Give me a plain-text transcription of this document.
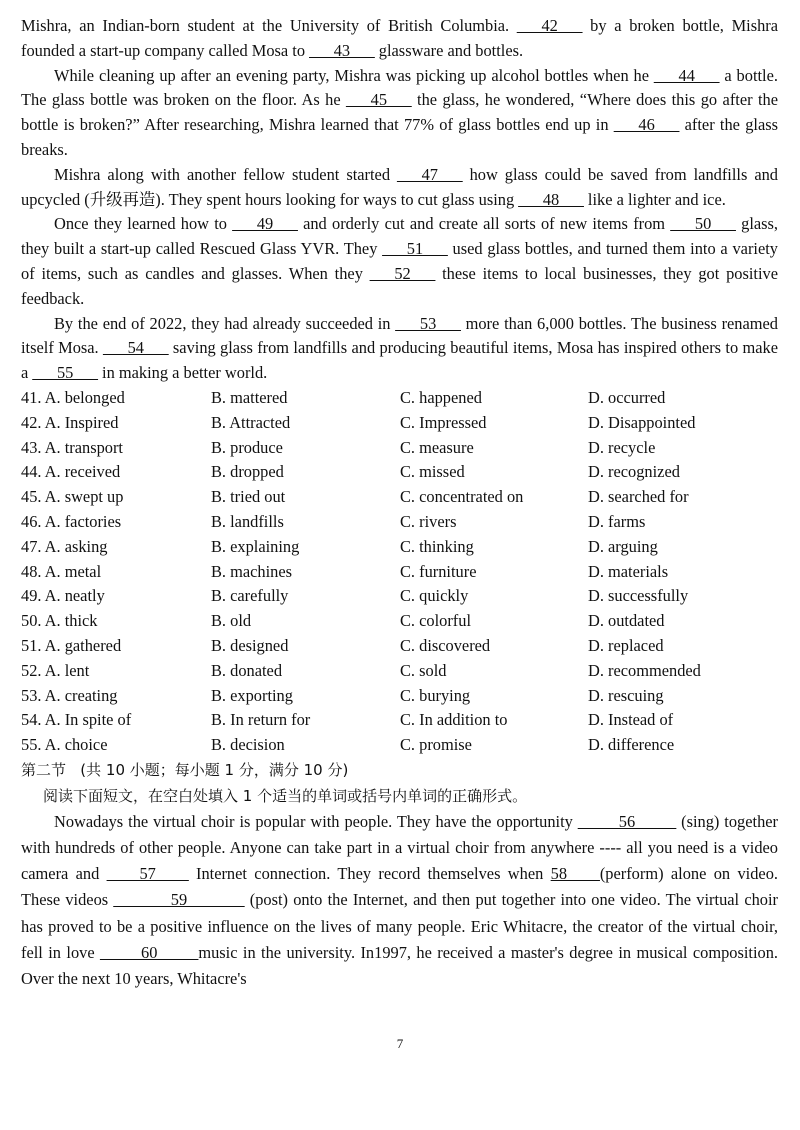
Mishra, an Indian-born student at the University of British Columbia. ___42___ by a broken bottle, Mishra founded a start-up company called Mosa to ___43___ glassware and bottles.

While cleaning up after an evening party, Mishra was picking up alcohol bottles when he ___44___ a bottle. The glass bottle was broken on the floor. As he ___45___ the glass, he wondered, “Where does this go after the bottle is broken?” After researching, Mishra learned that 77% of glass bottles end up in ___46___ after the glass breaks.

Mishra along with another fellow student started ___47___ how glass could be saved from landfills and upcycled (升级再造). They spent hours looking for ways to cut glass using ___48___ like a lighter and ice.

Once they learned how to ___49___ and orderly cut and create all sorts of new items from ___50___ glass, they built a start-up called Rescued Glass YVR. They ___51___ used glass bottles, and turned them into a variety of items, such as candles and glasses. When they ___52___ these items to local businesses, they got positive feedback.

By the end of 2022, they had already succeeded in ___53___ more than 6,000 bottles. The business renamed itself Mosa. ___54___ saving glass from landfills and producing beautiful items, Mosa has inspired others to make a ___55___ in making a better world.

41. A. belonged	B. mattered	C. happened	D. occurred
42. A. Inspired	B. Attracted	C. Impressed	D. Disappointed
43. A. transport	B. produce	C. measure	D. recycle
44. A. received	B. dropped	C. missed	D. recognized
45. A. swept up	B. tried out	C. concentrated on	D. searched for
46. A. factories	B. landfills	C. rivers	D. farms
47. A. asking	B. explaining	C. thinking	D. arguing
48. A. metal	B. machines	C. furniture	D. materials
49. A. neatly	B. carefully	C. quickly	D. successfully
50. A. thick	B. old	C. colorful	D. outdated
51. A. gathered	B. designed	C. discovered	D. replaced
52. A. lent	B. donated	C. sold	D. recommended
53. A. creating	B. exporting	C. burying	D. rescuing
54. A. In spite of	B. In return for	C. In addition to	D. Instead of
55. A. choice	B. decision	C. promise	D. difference
第二节   (共 10 小题；每小题 1 分，满分 10 分)
阅读下面短文，在空白处填入 1 个适当的单词或括号内单词的正确形式。

Nowadays the virtual choir is popular with people. They have the opportunity _____56_____ (sing) together with hundreds of other people. Anyone can take part in a virtual choir from anywhere ---- all you need is a video camera and ____57____ Internet connection. They record themselves when 58____(perform) alone on video. These videos _______59_______ (post) onto the Internet, and then put together into one video. The virtual choir has proved to be a positive influence on the lives of many people. Eric Whitacre, the creator of the virtual choir, fell in love _____60_____music in the university. In1997, he received a master's degree in musical composition. Over the next 10 years, Whitacre's

7
